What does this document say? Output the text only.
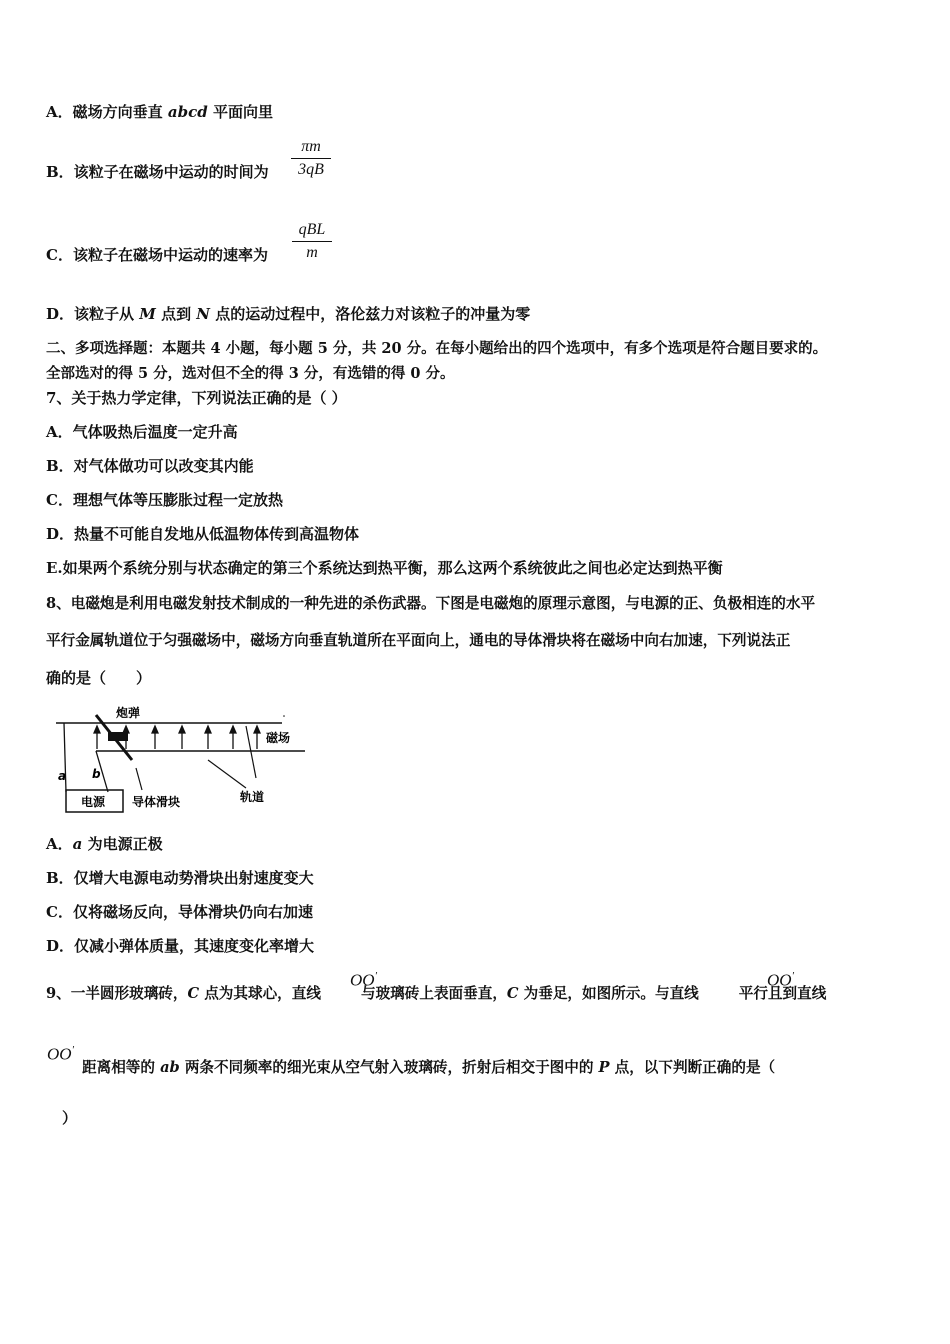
A．磁场方向垂直 abcd 平面向里
B．该粒子在磁场中运动的时间为
πm
3qB
C．该粒子在磁场中运动的速率为
qBL
m
D．该粒子从 M 点到 N 点的运动过程中，洛伦兹力对该粒子的冲量为零
二、多项选择题：本题共 4 小题，每小题 5 分，共 20 分。在每小题给出的四个选项中，有多个选项是符合题目要求的。
全部选对的得 5 分，选对但不全的得 3 分，有选错的得 0 分。
7、关于热力学定律，下列说法正确的是（ ）
A．气体吸热后温度一定升高
B．对气体做功可以改变其内能
C．理想气体等压膨胀过程一定放热
D．热量不可能自发地从低温物体传到高温物体
E.如果两个系统分别与状态确定的第三个系统达到热平衡，那么这两个系统彼此之间也必定达到热平衡
8、电磁炮是利用电磁发射技术制成的一种先进的杀伤武器。下图是电磁炮的原理示意图，与电源的正、负极相连的水平
平行金属轨道位于匀强磁场中，磁场方向垂直轨道所在平面向上，通电的导体滑块将在磁场中向右加速，下列说法正
确的是（　　）
炮弹
磁场
a b
电源 导体滑块	轨道
A．a 为电源正极
B．仅增大电源电动势滑块出射速度变大
C．仅将磁场反向，导体滑块仍向右加速
D．仅减小弹体质量，其速度变化率增大
9、一半圆形玻璃砖，C 点为其球心，直线	与玻璃砖上表面垂直，C 为垂足，如图所示。与直线	平行且到直线
OO′	OO′
OO′
距离相等的 ab 两条不同频率的细光束从空气射入玻璃砖，折射后相交于图中的 P 点，以下判断正确的是（
）
